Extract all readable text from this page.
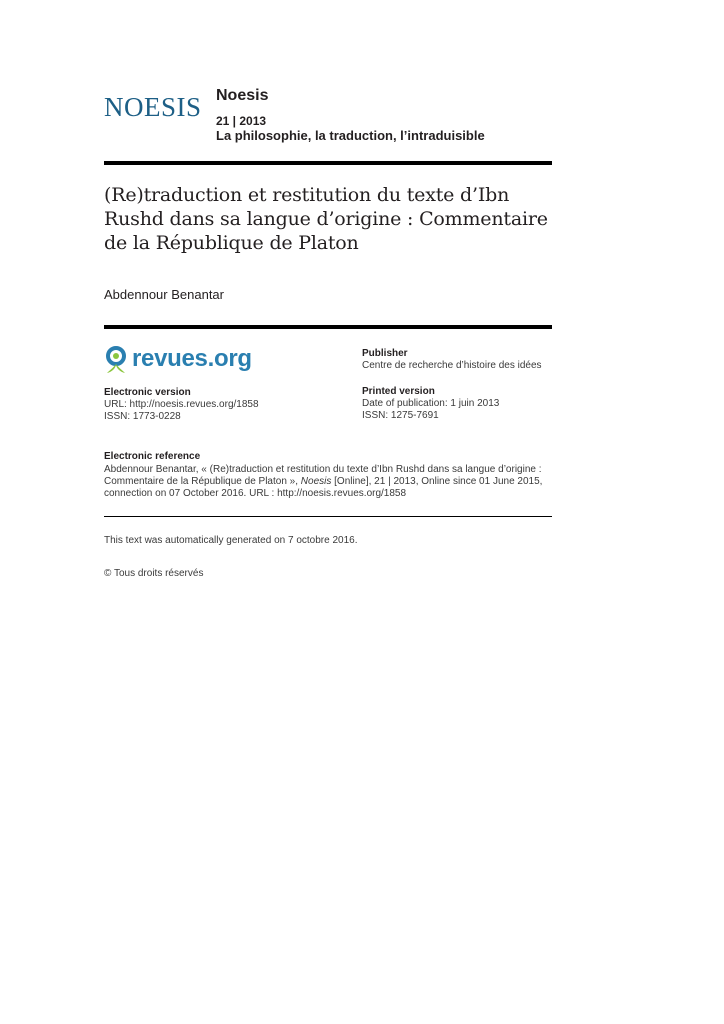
NOESIS Noesis
21 | 2013
La philosophie, la traduction, l’intraduisible
(Re)traduction et restitution du texte d’Ibn Rushd dans sa langue d’origine : Commentaire de la République de Platon
Abdennour Benantar
revues.org	Publisher
Centre de recherche d’histoire des idées
Electronic version
URL: http://noesis.revues.org/1858
ISSN: 1773-0228
Printed version
Date of publication: 1 juin 2013
ISSN: 1275-7691
Electronic reference
Abdennour Benantar, « (Re)traduction et restitution du texte d’Ibn Rushd dans sa langue d’origine : Commentaire de la République de Platon », Noesis [Online], 21 | 2013, Online since 01 June 2015, connection on 07 October 2016. URL : http://noesis.revues.org/1858
This text was automatically generated on 7 octobre 2016.
© Tous droits réservés
